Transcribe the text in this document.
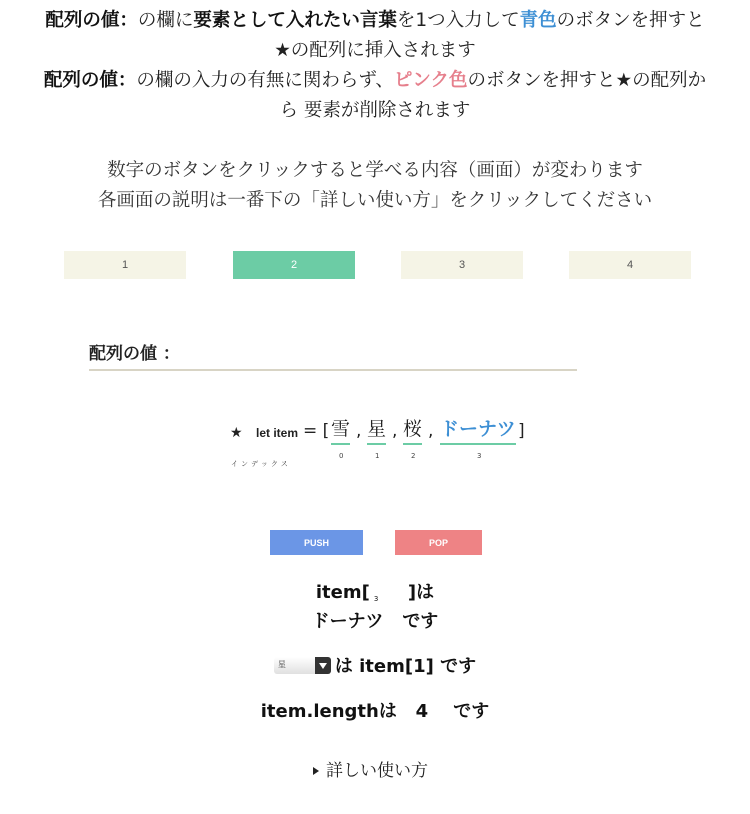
配列の値：の欄に要素として入れたい言葉を1つ入力して青色のボタンを押すと
★の配列に挿入されます
配列の値：の欄の入力の有無に関わらず、ピンク色のボタンを押すと★の配列か
ら 要素が削除されます
数字のボタンをクリックすると学べる内容（画面）が変わります
各画面の説明は一番下の「詳しい使い方」をクリックしてください
1	2	3	4
配列の値 ：
★ let item = [ 雪 , 星 , 桜 , ドーナツ ]
0	1	2	3
インデックス
PUSH	POP
item[ 3 ]は
ドーナツ です
星	は item[1] です
item.lengthは 4 です
詳しい使い方
